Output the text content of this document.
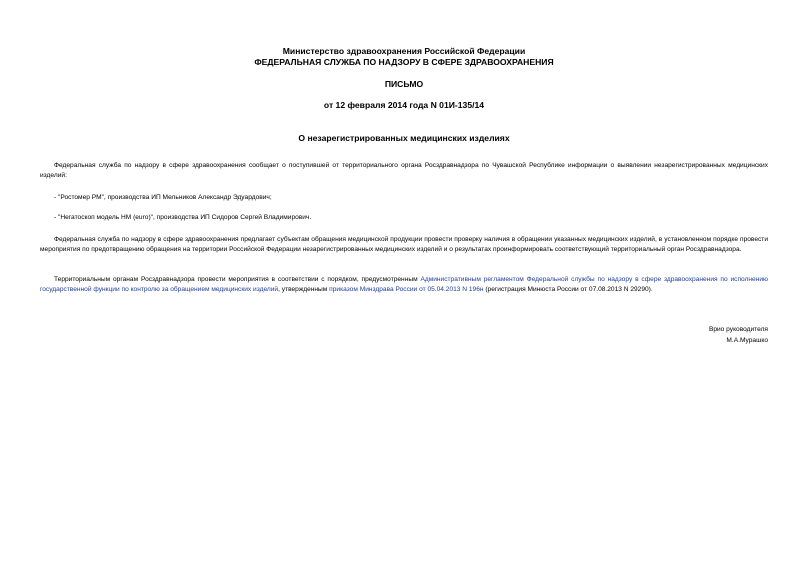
Министерство здравоохранения Российской Федерации
ФЕДЕРАЛЬНАЯ СЛУЖБА ПО НАДЗОРУ В СФЕРЕ ЗДРАВООХРАНЕНИЯ
ПИСЬМО
от 12 февраля 2014 года N 01И-135/14
О незарегистрированных медицинских изделиях
Федеральная служба по надзору в сфере здравоохранения сообщает о поступившей от территориального органа Росздравнадзора по Чувашской Республике информации о выявлении незарегистрированных медицинских изделий:
- "Ростомер РМ", производства ИП Мельников Александр Эдуардович;
- "Негатоскоп модель НМ (euro)", производства ИП Сидоров Сергей Владимирович.
Федеральная служба по надзору в сфере здравоохранения предлагает субъектам обращения медицинской продукции провести проверку наличия в обращении указанных медицинских изделий, в установленном порядке провести мероприятия по предотвращению обращения на территории Российской Федерации незарегистрированных медицинских изделий и о результатах проинформировать соответствующий территориальный орган Росздравнадзора.
Территориальным органам Росздравнадзора провести мероприятия в соответствии с порядком, предусмотренным Административным регламентом Федеральной службы по надзору в сфере здравоохранения по исполнению государственной функции по контролю за обращением медицинских изделий, утвержденным приказом Минздрава России от 05.04.2013 N 196н (регистрация Минюста России от 07.08.2013 N 29290).
Врио руководителя
М.А.Мурашко
